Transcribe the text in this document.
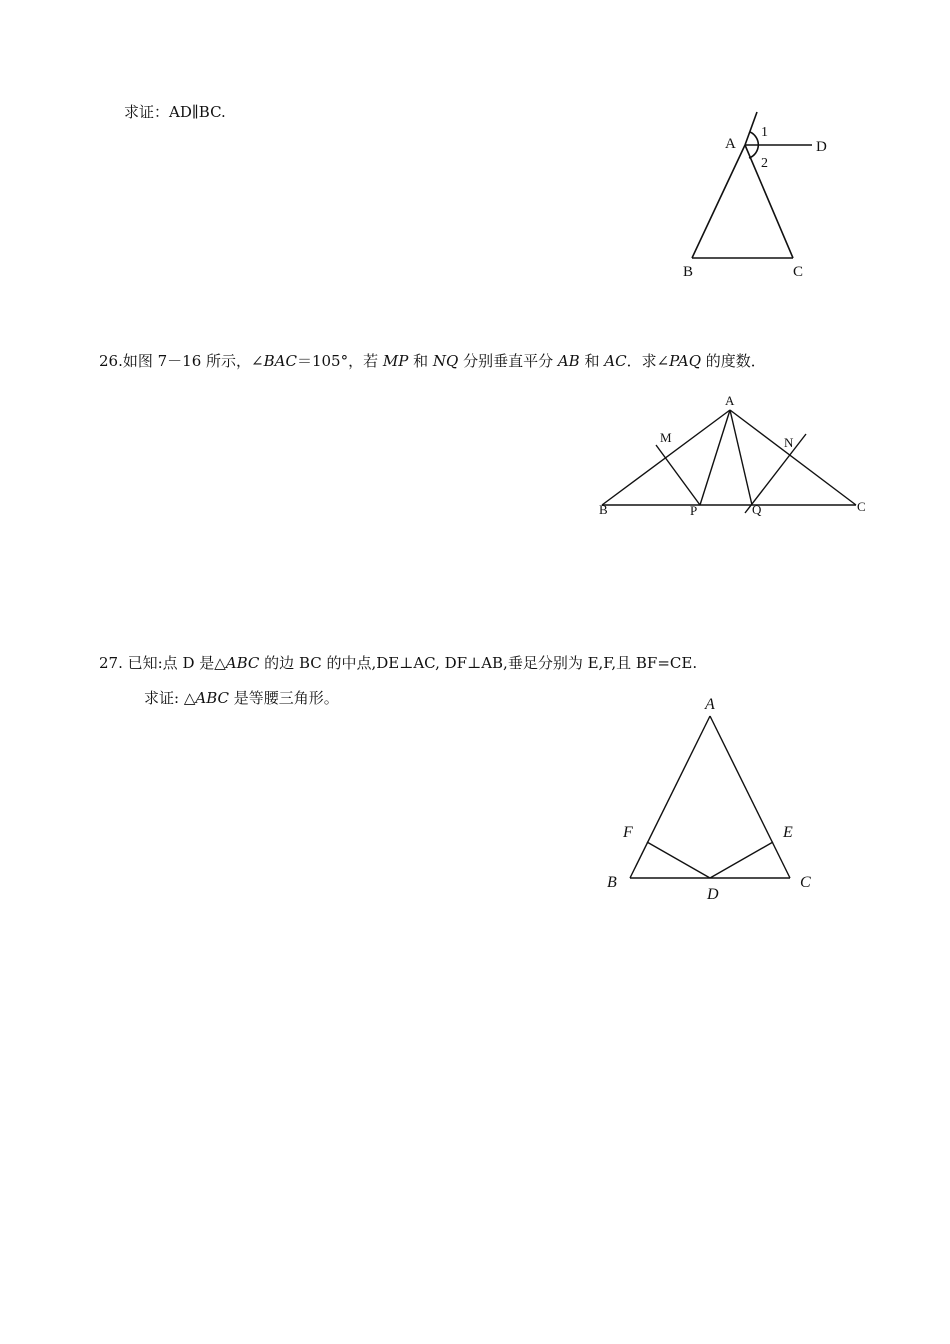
求证：AD∥BC.
A
1
2
D
B	C
26.如图 7－16 所示，∠BAC＝105°，若 MP 和 NQ 分别垂直平分 AB 和 AC．求∠PAQ 的度数．
A
M	N
B	P	Q	C
27. 已知:点 D 是△ABC 的边 BC 的中点,DE⊥AC, DF⊥AB,垂足分别为 E,F,且 BF=CE.
求证: △ABC 是等腰三角形。	A
F	E
B
D
C
